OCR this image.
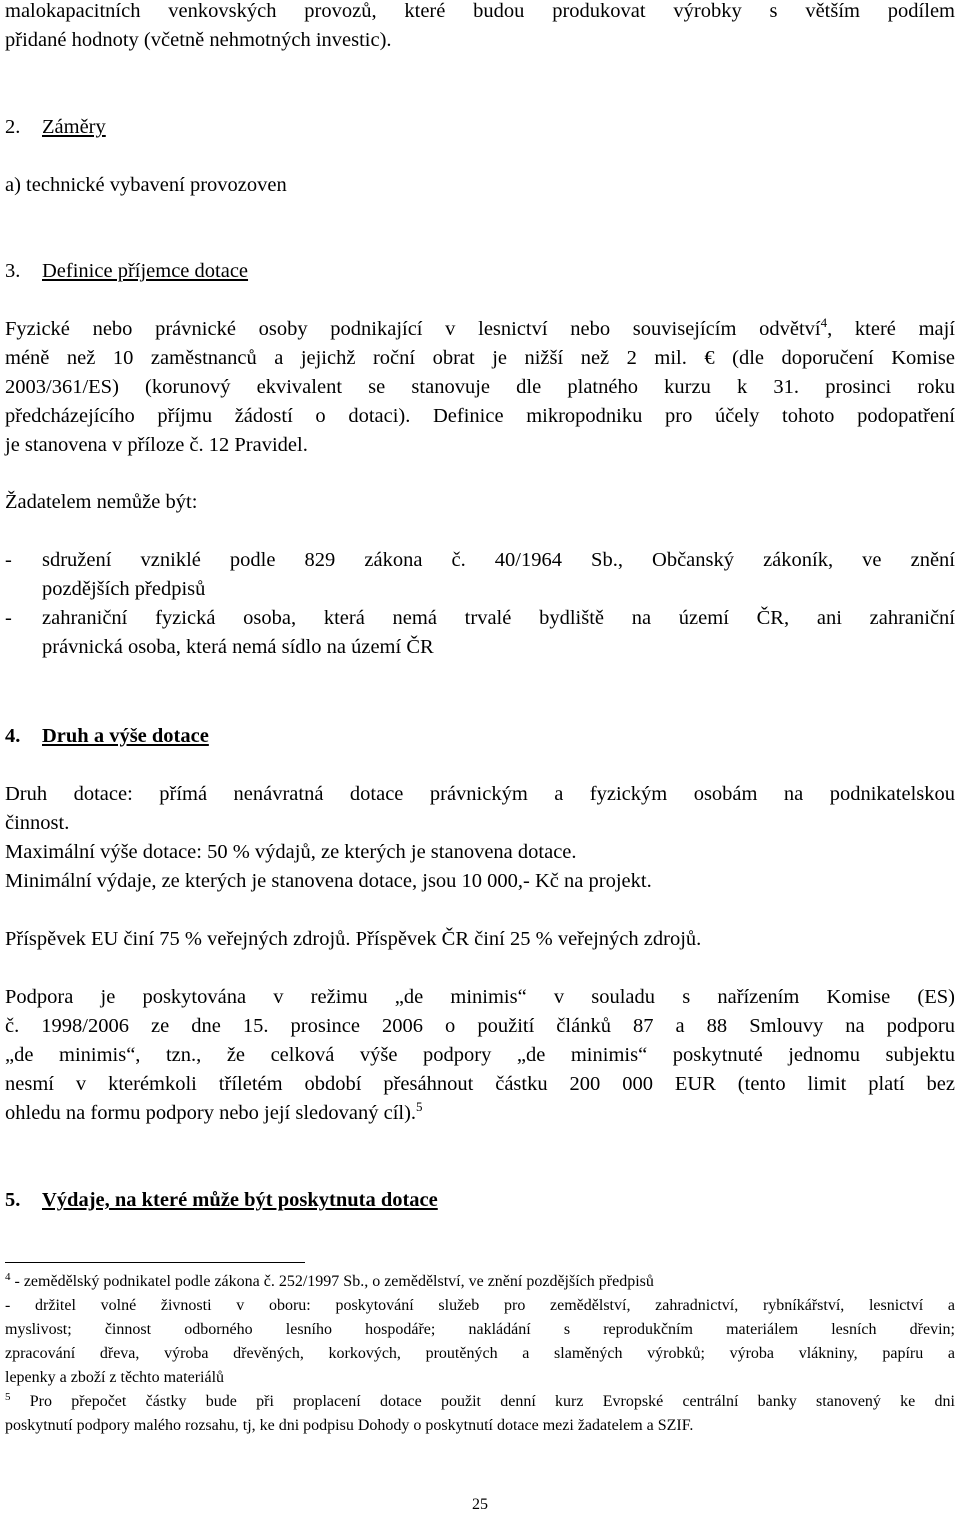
malokapacitních venkovských provozů, které budou produkovat výrobky s větším podílem
přidané hodnoty (včetně nehmotných investic).

2. Záměry

a) technické vybavení provozoven

3. Definice příjemce dotace

Fyzické nebo právnické osoby podnikající v lesnictví nebo souvisejícím odvětví$^4$, které mají
méně než 10 zaměstnanců a jejichž roční obrat je nižší než 2 mil. € (dle doporučení Komise
2003/361/ES) (korunový ekvivalent se stanovuje dle platného kurzu k 31. prosinci roku
předcházejícího příjmu žádostí o dotaci). Definice mikropodniku pro účely tohoto podopatření
je stanovena v příloze č. 12 Pravidel.

Žadatelem nemůže být:

- sdružení vzniklé podle 829 zákona č. 40/1964 Sb., Občanský zákoník, ve znění
pozdějších předpisů
- zahraniční fyzická osoba, která nemá trvalé bydliště na území ČR, ani zahraniční
právnická osoba, která nemá sídlo na území ČR

4. Druh a výše dotace

Druh dotace: přímá nenávratná dotace právnickým a fyzickým osobám na podnikatelskou
činnost.
Maximální výše dotace: 50 % výdajů, ze kterých je stanovena dotace.
Minimální výdaje, ze kterých je stanovena dotace, jsou 10 000,- Kč na projekt.

Příspěvek EU činí 75 % veřejných zdrojů. Příspěvek ČR činí 25 % veřejných zdrojů.

Podpora je poskytována v režimu „de minimis“ v souladu s nařízením Komise (ES)
č. 1998/2006 ze dne 15. prosince 2006 o použití článků 87 a 88 Smlouvy na podporu
„de minimis“, tzn., že celková výše podpory „de minimis“ poskytnuté jednomu subjektu
nesmí v kterémkoli tříletém období přesáhnout částku 200 000 EUR (tento limit platí bez
ohledu na formu podpory nebo její sledovaný cíl).$^5$

5. Výdaje, na které může být poskytnuta dotace

$^4$ - zemědělský podnikatel podle zákona č. 252/1997 Sb., o zemědělství, ve znění pozdějších předpisů
- držitel volné živnosti v oboru: poskytování služeb pro zemědělství, zahradnictví, rybníkářství, lesnictví a
myslivost; činnost odborného lesního hospodáře; nakládání s reprodukčním materiálem lesních dřevin;
zpracování dřeva, výroba dřevěných, korkových, proutěných a slaměných výrobků; výroba vlákniny, papíru a
lepenky a zboží z těchto materiálů

$^5$ Pro přepočet částky bude při proplacení dotace použit denní kurz Evropské centrální banky stanovený ke dni
poskytnutí podpory malého rozsahu, tj, ke dni podpisu Dohody o poskytnutí dotace mezi žadatelem a SZIF.

25
